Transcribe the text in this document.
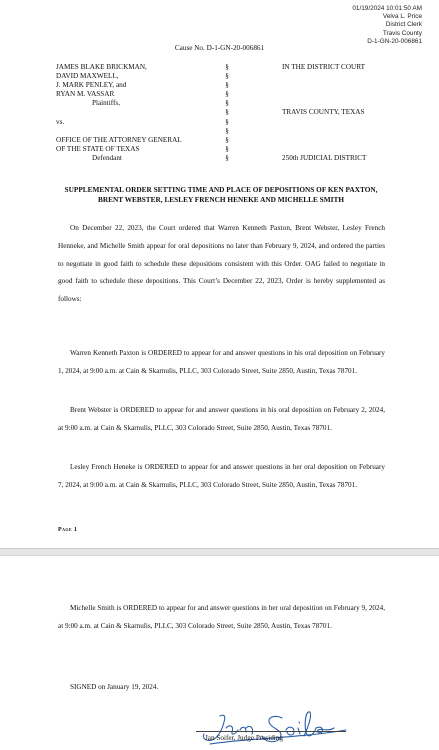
01/19/2024 10:01:50 AM
Velva L. Price
District Clerk
Travis County
D-1-GN-20-006861
Cause No. D-1-GN-20-006861
JAMES BLAKE BRICKMAN,
DAVID MAXWELL,
J. MARK PENLEY, and
RYAN M. VASSAR
Plaintiffs,

vs.

OFFICE OF THE ATTORNEY GENERAL
OF THE STATE OF TEXAS
Defendant
§
§
§
§
§
§
§
§
§
§
§
IN THE DISTRICT COURT
TRAVIS COUNTY, TEXAS
250th JUDICIAL DISTRICT
SUPPLEMENTAL ORDER SETTING TIME AND PLACE OF DEPOSITIONS OF KEN PAXTON, BRENT WEBSTER, LESLEY FRENCH HENEKE AND MICHELLE SMITH

On December 22, 2023, the Court ordered that Warren Kenneth Paxton, Brent Webster, Lesley French Henneke, and Michelle Smith appear for oral depositions no later than February 9, 2024, and ordered the parties to negotiate in good faith to schedule these depositions consistent with this Order. OAG failed to negotiate in good faith to schedule these depositions. This Court’s December 22, 2023, Order is hereby supplemented as follows:

Warren Kenneth Paxton is ORDERED to appear for and answer questions in his oral deposition on February 1, 2024, at 9:00 a.m. at Cain & Skarnulis, PLLC, 303 Colorado Street, Suite 2850, Austin, Texas 78701.

Brent Webster is ORDERED to appear for and answer questions in his oral deposition on February 2, 2024, at 9:00 a.m. at Cain & Skarnulis, PLLC, 303 Colorado Street, Suite 2850, Austin, Texas 78701.

Lesley French Heneke is ORDERED to appear for and answer questions in her oral deposition on February 7, 2024, at 9:00 a.m. at Cain & Skarnulis, PLLC, 303 Colorado Street, Suite 2850, Austin, Texas 78701.

Page 1

Michelle Smith is ORDERED to appear for and answer questions in her oral deposition on February 9, 2024, at 9:00 a.m. at Cain & Skarnulis, PLLC, 303 Colorado Street, Suite 2850, Austin, Texas 78701.

SIGNED on January 19, 2024.
Jan Soifer, Judge Presiding
